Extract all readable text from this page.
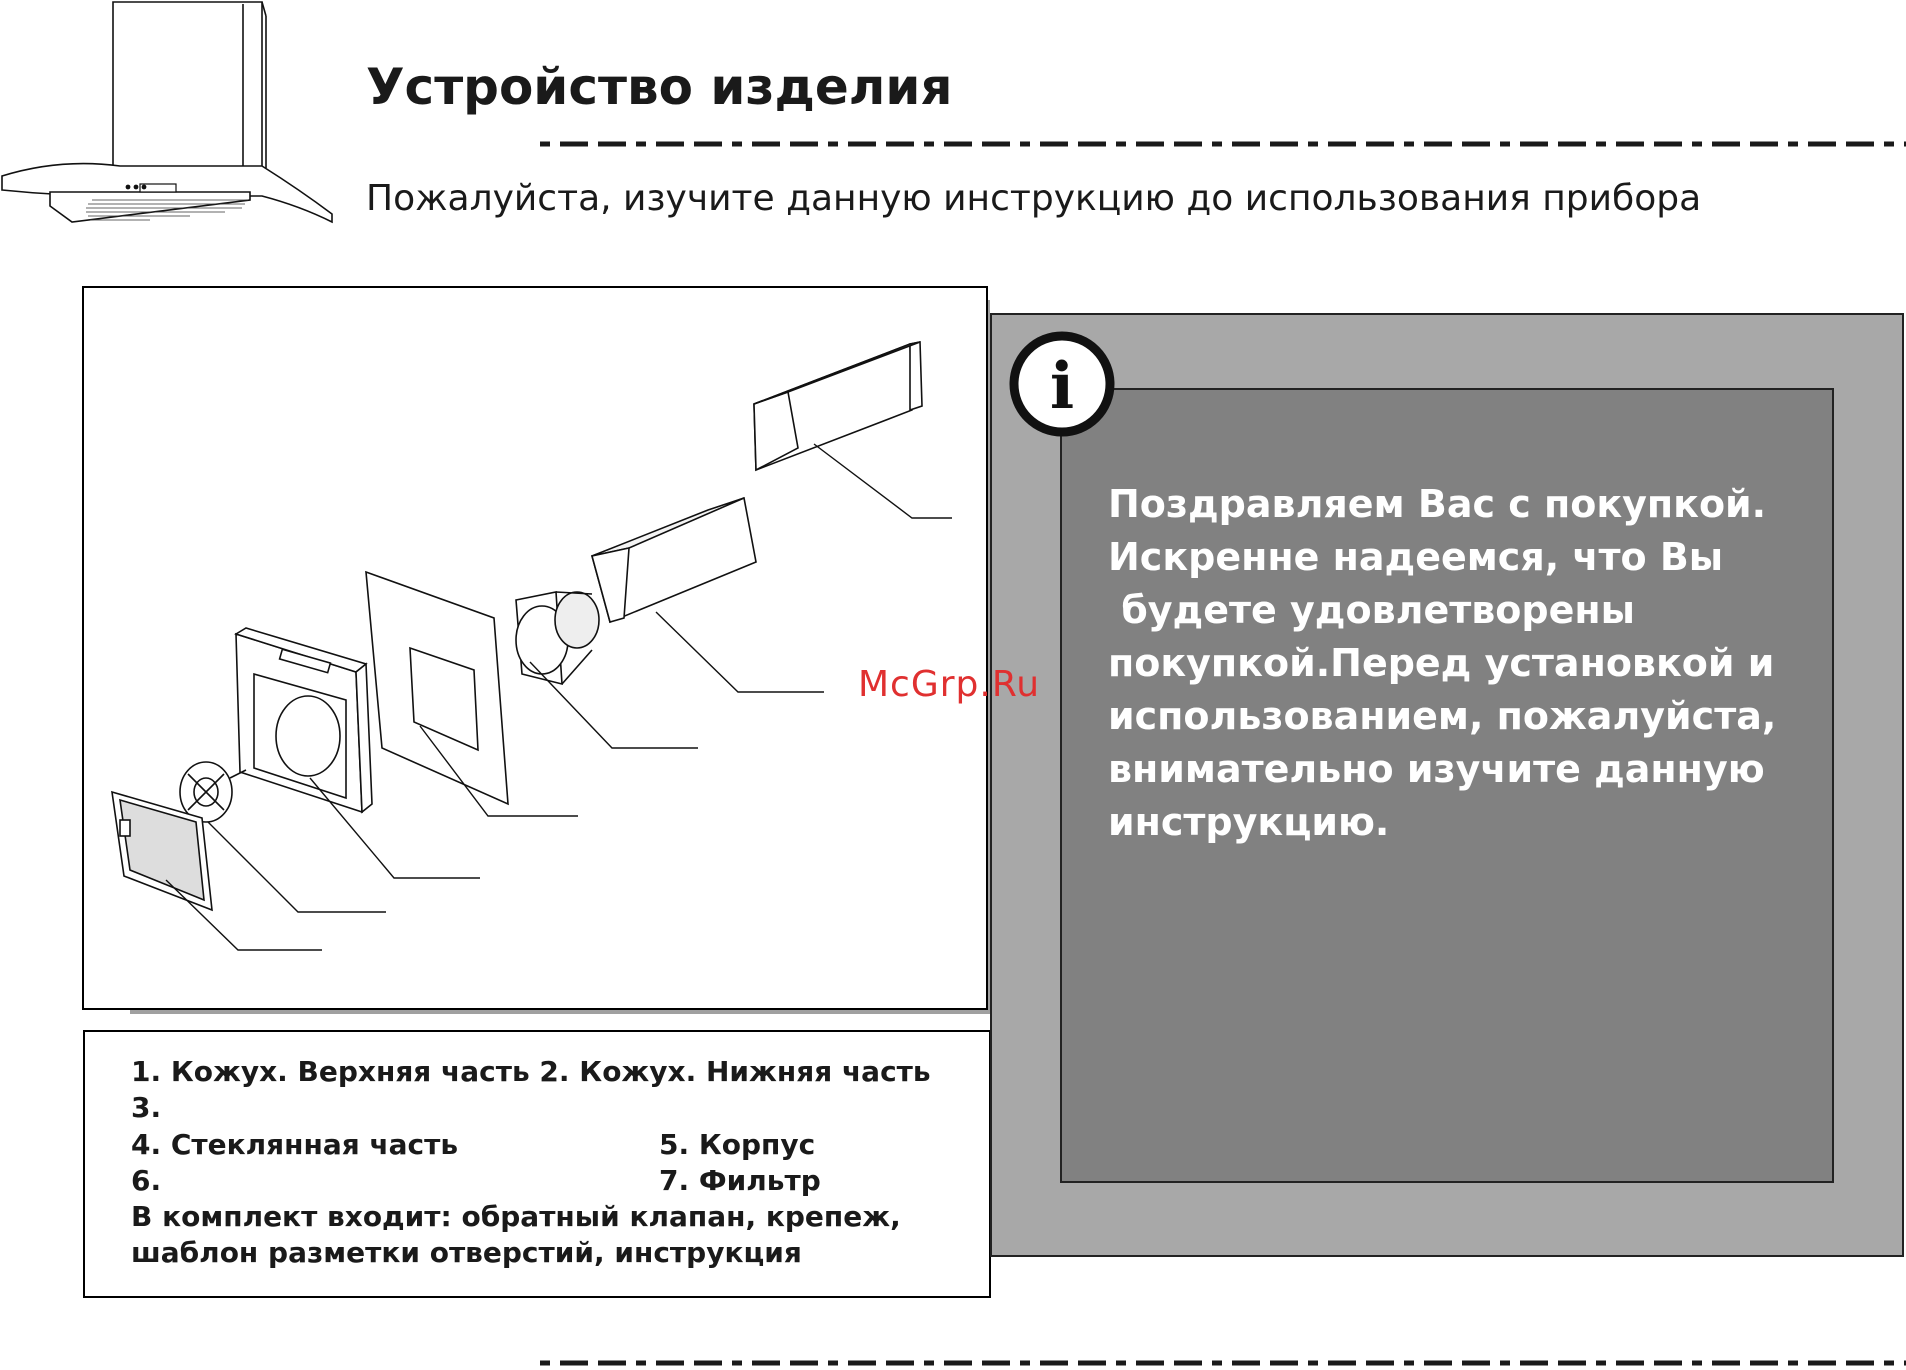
Устройство изделия
Пожалуйста, изучите данную инструкцию до использования прибора
1. Кожух. Верхняя часть 2. Кожух. Нижняя часть
3.
4. Стеклянная часть	5. Корпус
6.	7. Фильтр
В комплект входит: обратный клапан, крепеж,
шаблон разметки отверстий, инструкция
i
Поздравляем Вас с покупкой.
Искренне надеемся, что Вы
будете удовлетворены
покупкой.Перед установкой и
использованием, пожалуйста,
внимательно изучите данную
инструкцию.
McGrp.Ru
